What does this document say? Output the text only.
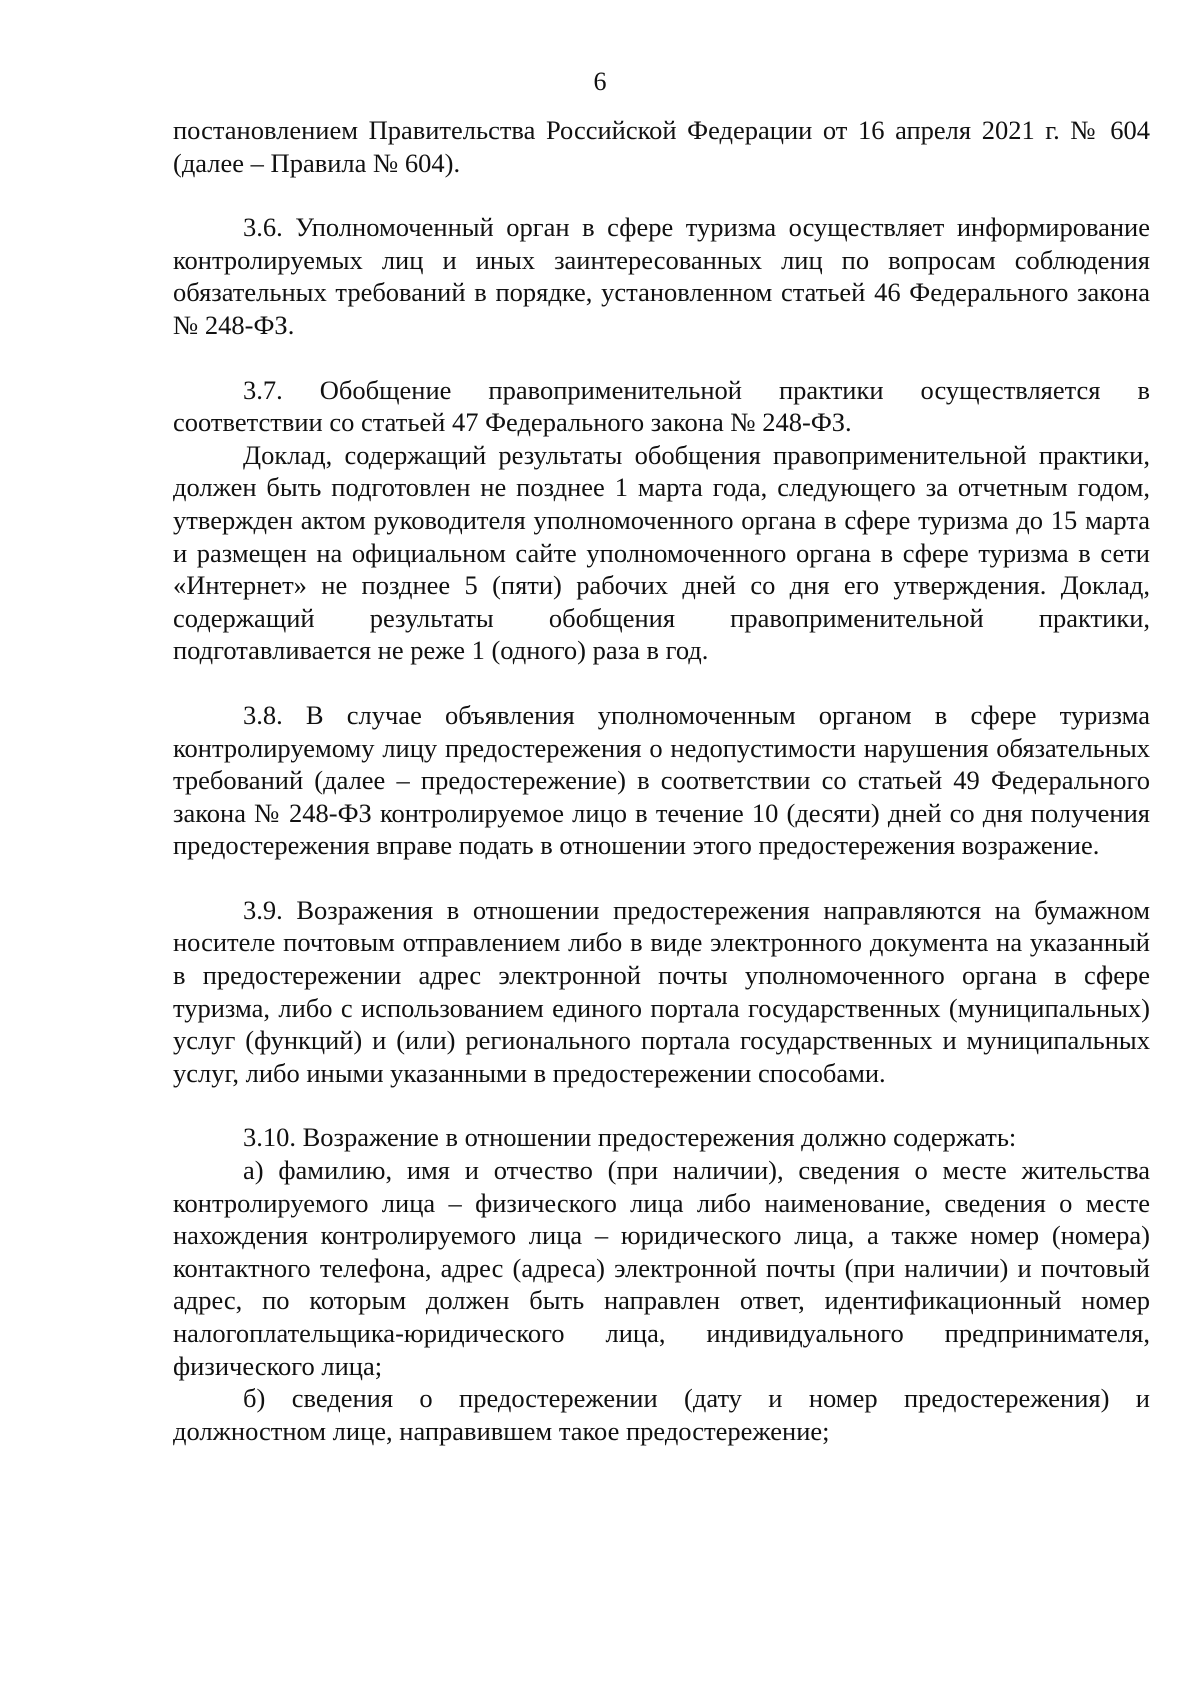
6

постановлением Правительства Российской Федерации от 16 апреля 2021 г. № 604 (далее – Правила № 604).

3.6. Уполномоченный орган в сфере туризма осуществляет информирование контролируемых лиц и иных заинтересованных лиц по вопросам соблюдения обязательных требований в порядке, установленном статьей 46 Федерального закона № 248-ФЗ.

3.7. Обобщение правоприменительной практики осуществляется в соответствии со статьей 47 Федерального закона № 248-ФЗ.

Доклад, содержащий результаты обобщения правоприменительной практики, должен быть подготовлен не позднее 1 марта года, следующего за отчетным годом, утвержден актом руководителя уполномоченного органа в сфере туризма до 15 марта и размещен на официальном сайте уполномоченного органа в сфере туризма в сети «Интернет» не позднее 5 (пяти) рабочих дней со дня его утверждения. Доклад, содержащий результаты обобщения правоприменительной практики, подготавливается не реже 1 (одного) раза в год.

3.8. В случае объявления уполномоченным органом в сфере туризма контролируемому лицу предостережения о недопустимости нарушения обязательных требований (далее – предостережение) в соответствии со статьей 49 Федерального закона № 248-ФЗ контролируемое лицо в течение 10 (десяти) дней со дня получения предостережения вправе подать в отношении этого предостережения возражение.

3.9. Возражения в отношении предостережения направляются на бумажном носителе почтовым отправлением либо в виде электронного документа на указанный в предостережении адрес электронной почты уполномоченного органа в сфере туризма, либо с использованием единого портала государственных (муниципальных) услуг (функций) и (или) регионального портала государственных и муниципальных услуг, либо иными указанными в предостережении способами.

3.10. Возражение в отношении предостережения должно содержать:

а) фамилию, имя и отчество (при наличии), сведения о месте жительства контролируемого лица – физического лица либо наименование, сведения о месте нахождения контролируемого лица – юридического лица, а также номер (номера) контактного телефона, адрес (адреса) электронной почты (при наличии) и почтовый адрес, по которым должен быть направлен ответ, идентификационный номер налогоплательщика-юридического лица, индивидуального предпринимателя, физического лица;

б) сведения о предостережении (дату и номер предостережения) и должностном лице, направившем такое предостережение;
